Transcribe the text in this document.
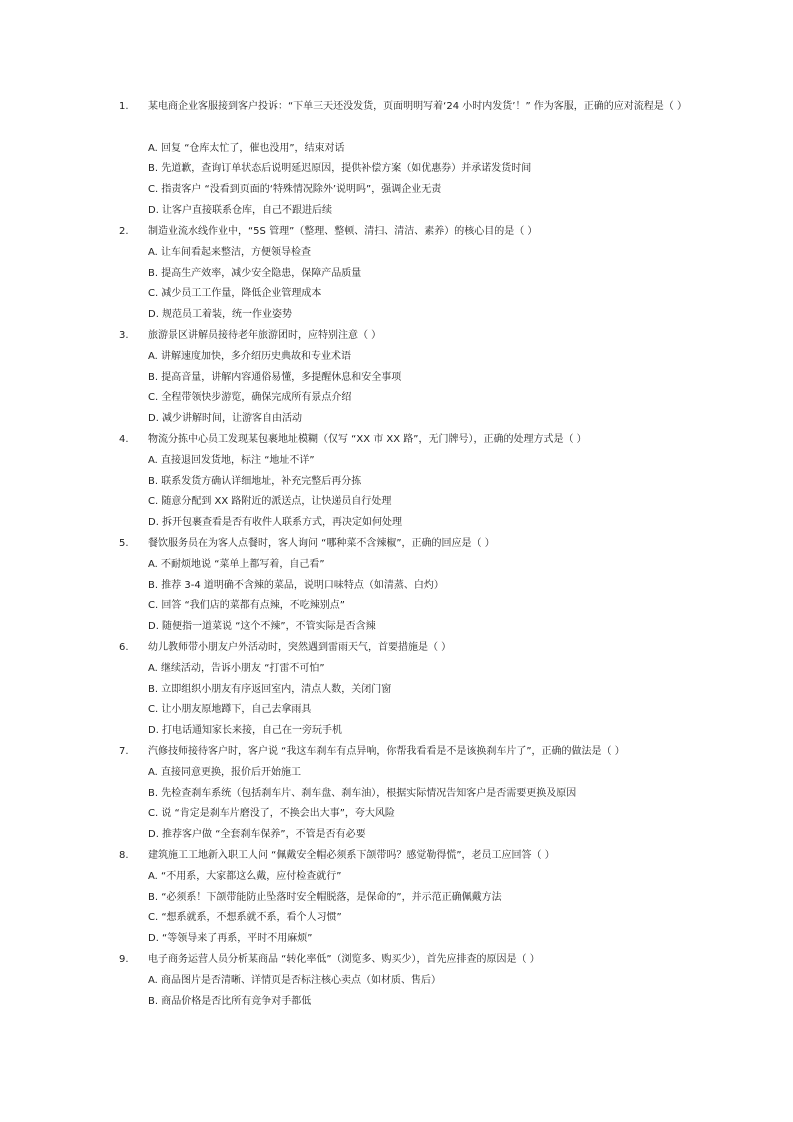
1. 某电商企业客服接到客户投诉：“下单三天还没发货，页面明明写着‘24 小时内发货’！” 作为客服，正确的应对流程是（ ）
A. 回复 “仓库太忙了，催也没用”，结束对话
B. 先道歉，查询订单状态后说明延迟原因，提供补偿方案（如优惠券）并承诺发货时间
C. 指责客户 “没看到页面的‘特殊情况除外’说明吗”，强调企业无责
D. 让客户直接联系仓库，自己不跟进后续
2. 制造业流水线作业中，“5S 管理”（整理、整顿、清扫、清洁、素养）的核心目的是（ ）
A. 让车间看起来整洁，方便领导检查
B. 提高生产效率，减少安全隐患，保障产品质量
C. 减少员工工作量，降低企业管理成本
D. 规范员工着装，统一作业姿势
3. 旅游景区讲解员接待老年旅游团时，应特别注意（ ）
A. 讲解速度加快，多介绍历史典故和专业术语
B. 提高音量，讲解内容通俗易懂，多提醒休息和安全事项
C. 全程带领快步游览，确保完成所有景点介绍
D. 减少讲解时间，让游客自由活动
4. 物流分拣中心员工发现某包裹地址模糊（仅写 “XX 市 XX 路”，无门牌号），正确的处理方式是（ ）
A. 直接退回发货地，标注 “地址不详”
B. 联系发货方确认详细地址，补充完整后再分拣
C. 随意分配到 XX 路附近的派送点，让快递员自行处理
D. 拆开包裹查看是否有收件人联系方式，再决定如何处理
5. 餐饮服务员在为客人点餐时，客人询问 “哪种菜不含辣椒”，正确的回应是（ ）
A. 不耐烦地说 “菜单上都写着，自己看”
B. 推荐 3-4 道明确不含辣的菜品，说明口味特点（如清蒸、白灼）
C. 回答 “我们店的菜都有点辣，不吃辣别点”
D. 随便指一道菜说 “这个不辣”，不管实际是否含辣
6. 幼儿教师带小朋友户外活动时，突然遇到雷雨天气，首要措施是（ ）
A. 继续活动，告诉小朋友 “打雷不可怕”
B. 立即组织小朋友有序返回室内，清点人数，关闭门窗
C. 让小朋友原地蹲下，自己去拿雨具
D. 打电话通知家长来接，自己在一旁玩手机
7. 汽修技师接待客户时，客户说 “我这车刹车有点异响，你帮我看看是不是该换刹车片了”，正确的做法是（ ）
A. 直接同意更换，报价后开始施工
B. 先检查刹车系统（包括刹车片、刹车盘、刹车油），根据实际情况告知客户是否需要更换及原因
C. 说 “肯定是刹车片磨没了，不换会出大事”，夸大风险
D. 推荐客户做 “全套刹车保养”，不管是否有必要
8. 建筑施工工地新入职工人问 “佩戴安全帽必须系下颌带吗？感觉勒得慌”，老员工应回答（ ）
A. “不用系，大家都这么戴，应付检查就行”
B. “必须系！下颌带能防止坠落时安全帽脱落，是保命的”，并示范正确佩戴方法
C. “想系就系，不想系就不系，看个人习惯”
D. “等领导来了再系，平时不用麻烦”
9. 电子商务运营人员分析某商品 “转化率低”（浏览多、购买少），首先应排查的原因是（ ）
A. 商品图片是否清晰、详情页是否标注核心卖点（如材质、售后）
B. 商品价格是否比所有竞争对手都低
